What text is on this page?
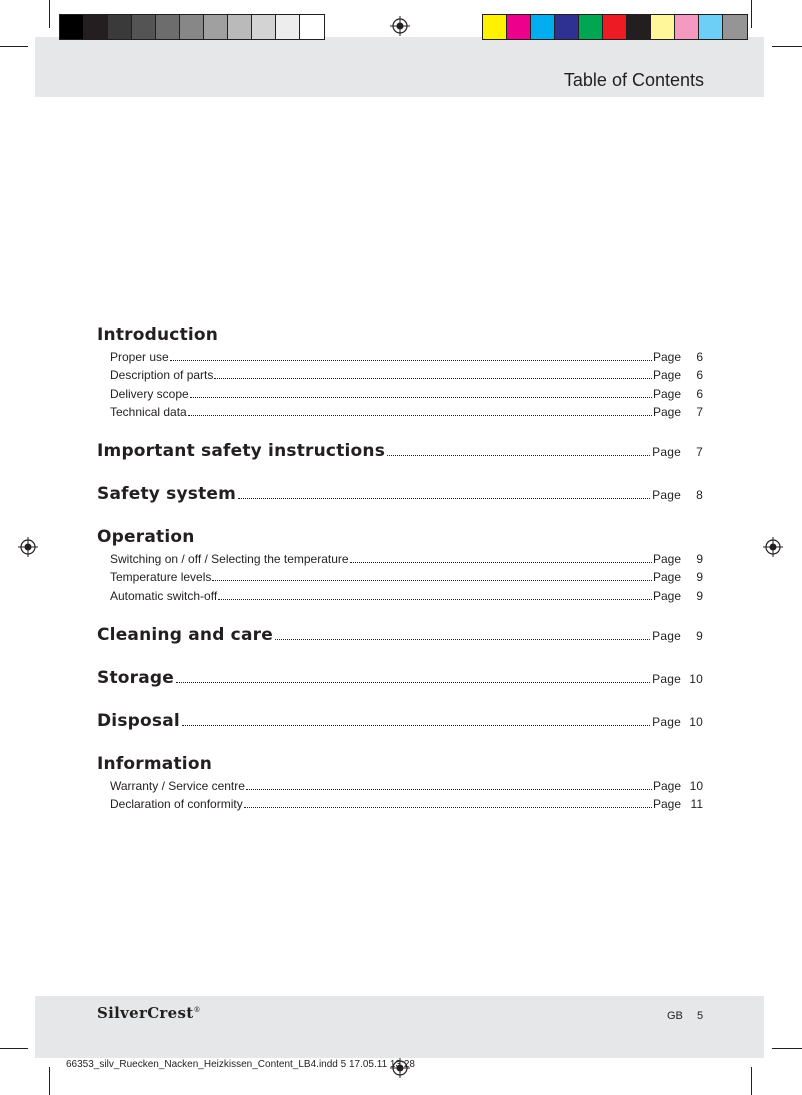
Table of Contents
Introduction
Proper use	Page 6
Description of parts	Page 6
Delivery scope	Page 6
Technical data	Page 7
Important safety instructions	Page 7
Safety system	Page 8
Operation
Switching on / off / Selecting the temperature	Page 9
Temperature levels	Page 9
Automatic switch-off	Page 9
Cleaning and care	Page 9
Storage	Page 10
Disposal	Page 10
Information
Warranty / Service centre	Page 10
Declaration of conformity	Page 11
SilverCrest®	GB 5
66353_silv_Ruecken_Nacken_Heizkissen_Content_LB4.indd 5 17.05.11 13:28
